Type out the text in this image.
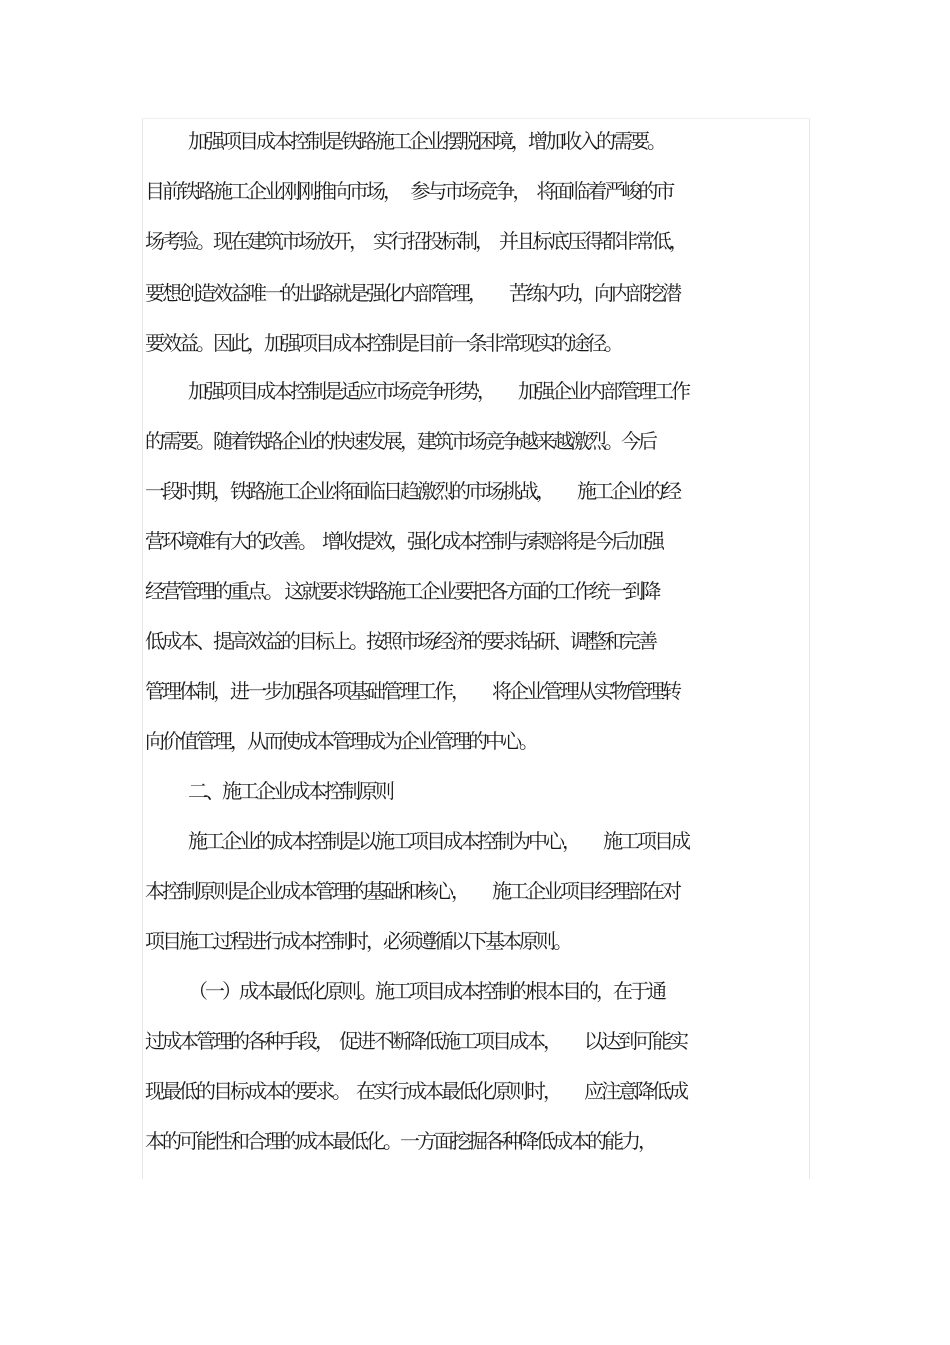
加强项目成本控制是铁路施工企业摆脱困境，增加收入的需要。

目前铁路施工企业刚刚推向市场，　 参与市场竞争，　将面临着严峻的市

场考验。现在建筑市场放开，　实行招投标制，　并且标底压得都非常低，

要想创造效益唯一的出路就是强化内部管理，　　苦练内功，向内部挖潜

要效益。因此，加强项目成本控制是目前一条非常现实的途径。

加强项目成本控制是适应市场竞争形势，　　加强企业内部管理工作

的需要。随着铁路企业的快速发展，建筑市场竞争越来越激烈。今后

一段时期，铁路施工企业将面临日趋激烈的市场挑战，　　施工企业的经

营环境难有大的改善。　增收提效，强化成本控制与索赔将是今后加强

经营管理的重点。 这就要求铁路施工企业要把各方面的工作统一到降

低成本、提高效益的目标上。按照市场经济的要求钻研、调整和完善

管理体制，进一步加强各项基础管理工作，　　将企业管理从实物管理转

向价值管理，从而使成本管理成为企业管理的中心。

二、施工企业成本控制原则

施工企业的成本控制是以施工项目成本控制为中心，　　施工项目成

本控制原则是企业成本管理的基础和核心，　　施工企业项目经理部在对

项目施工过程进行成本控制时，必须遵循以下基本原则。

（一）成本最低化原则。施工项目成本控制的根本目的，在于通

过成本管理的各种手段，　促进不断降低施工项目成本，　　以达到可能实

现最低的目标成本的要求。　在实行成本最低化原则时，　　应注意降低成

本的可能性和合理的成本最低化。一方面挖掘各种降低成本的能力，
